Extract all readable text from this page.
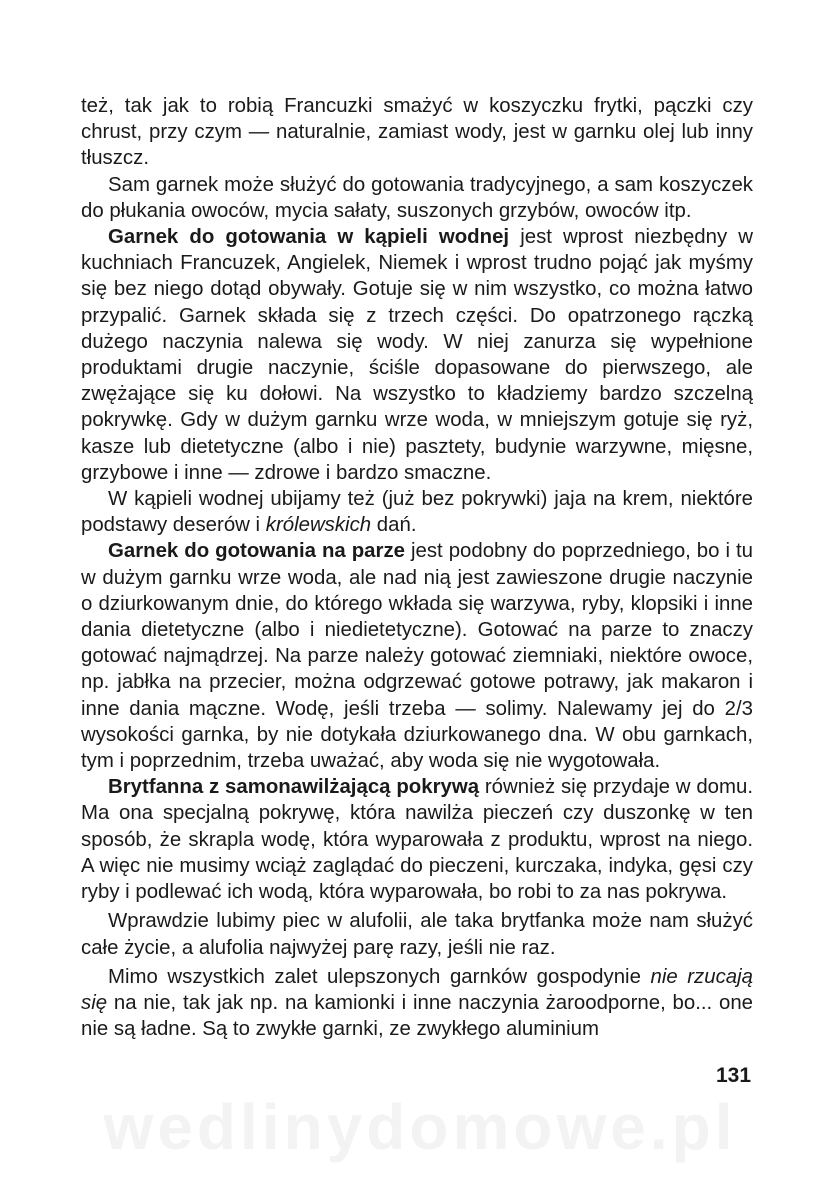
też, tak jak to robią Francuzki smażyć w koszyczku frytki, pączki czy chrust, przy czym — naturalnie, zamiast wody, jest w garnku olej lub inny tłuszcz.

Sam garnek może służyć do gotowania tradycyjnego, a sam koszyczek do płukania owoców, mycia sałaty, suszonych grzybów, owoców itp.

Garnek do gotowania w kąpieli wodnej jest wprost niezbędny w kuchniach Francuzek, Angielek, Niemek i wprost trudno pojąć jak myśmy się bez niego dotąd obywały. Gotuje się w nim wszystko, co można łatwo przypalić. Garnek składa się z trzech części. Do opatrzonego rączką dużego naczynia nalewa się wody. W niej zanurza się wypełnione produktami drugie naczynie, ściśle dopasowane do pierwszego, ale zwężające się ku dołowi. Na wszystko to kładziemy bardzo szczelną pokrywkę. Gdy w dużym garnku wrze woda, w mniejszym gotuje się ryż, kasze lub dietetyczne (albo i nie) pasztety, budynie warzywne, mięsne, grzybowe i inne — zdrowe i bardzo smaczne.

W kąpieli wodnej ubijamy też (już bez pokrywki) jaja na krem, niektóre podstawy deserów i królewskich dań.

Garnek do gotowania na parze jest podobny do poprzedniego, bo i tu w dużym garnku wrze woda, ale nad nią jest zawieszone drugie naczynie o dziurkowanym dnie, do którego wkłada się warzywa, ryby, klopsiki i inne dania dietetyczne (albo i niedietetyczne). Gotować na parze to znaczy gotować najmądrzej. Na parze należy gotować ziemniaki, niektóre owoce, np. jabłka na przecier, można odgrzewać gotowe potrawy, jak makaron i inne dania mączne. Wodę, jeśli trzeba — solimy. Nalewamy jej do 2/3 wysokości garnka, by nie dotykała dziurkowanego dna. W obu garnkach, tym i poprzednim, trzeba uważać, aby woda się nie wygotowała.

Brytfanna z samonawilżającą pokrywą również się przydaje w domu. Ma ona specjalną pokrywę, która nawilża pieczeń czy duszonkę w ten sposób, że skrapla wodę, która wyparowała z produktu, wprost na niego. A więc nie musimy wciąż zaglądać do pieczeni, kurczaka, indyka, gęsi czy ryby i podlewać ich wodą, która wyparowała, bo robi to za nas pokrywa.

Wprawdzie lubimy piec w alufolii, ale taka brytfanka może nam służyć całe życie, a alufolia najwyżej parę razy, jeśli nie raz.

Mimo wszystkich zalet ulepszonych garnków gospodynie nie rzucają się na nie, tak jak np. na kamionki i inne naczynia żaroodporne, bo... one nie są ładne. Są to zwykłe garnki, ze zwykłego aluminium

131
wedlinydomowe.pl
